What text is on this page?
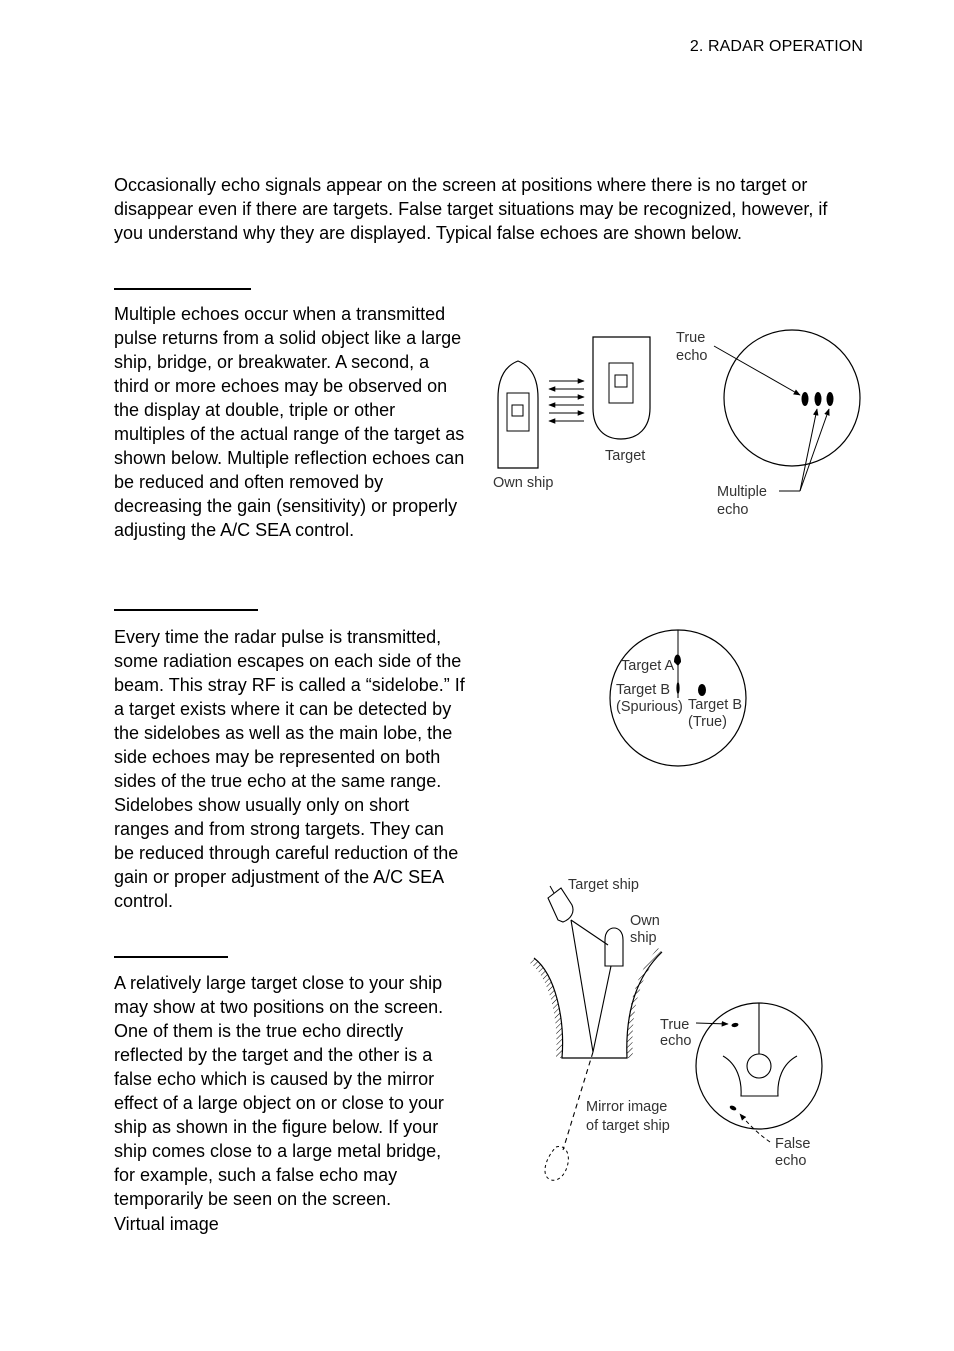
2. RADAR OPERATION

Occasionally echo signals appear on the screen at positions where there is no target or disappear even if there are targets. False target situations may be recognized, however, if you understand why they are displayed. Typical false echoes are shown below.

Multiple echoes occur when a transmitted pulse returns from a solid object like a large ship, bridge, or breakwater. A second, a third or more echoes may be observed on the display at double, triple or other multiples of the actual range of the target as shown below. Multiple reflection echoes can be reduced and often removed by decreasing the gain (sensitivity) or properly adjusting the A/C SEA control.

Every time the radar pulse is transmitted, some radiation escapes on each side of the beam. This stray RF is called a “sidelobe.” If a target exists where it can be detected by the sidelobes as well as the main lobe, the side echoes may be represented on both sides of the true echo at the same range. Sidelobes show usually only on short ranges and from strong targets. They can be reduced through careful reduction of the gain or proper adjustment of the A/C SEA control.

A relatively large target close to your ship may show at two positions on the screen. One of them is the true echo directly reflected by the target and the other is a false echo which is caused by the mirror effect of a large object on or close to your ship as shown in the figure below. If your ship comes close to a large metal bridge, for example, such a false echo may temporarily be seen on the screen.

Virtual image
True echo
Target
Own ship
Multiple echo
Target A
Target B (Spurious) Target B (True)
Target ship
Own ship
True echo
Mirror image of target ship
False echo
